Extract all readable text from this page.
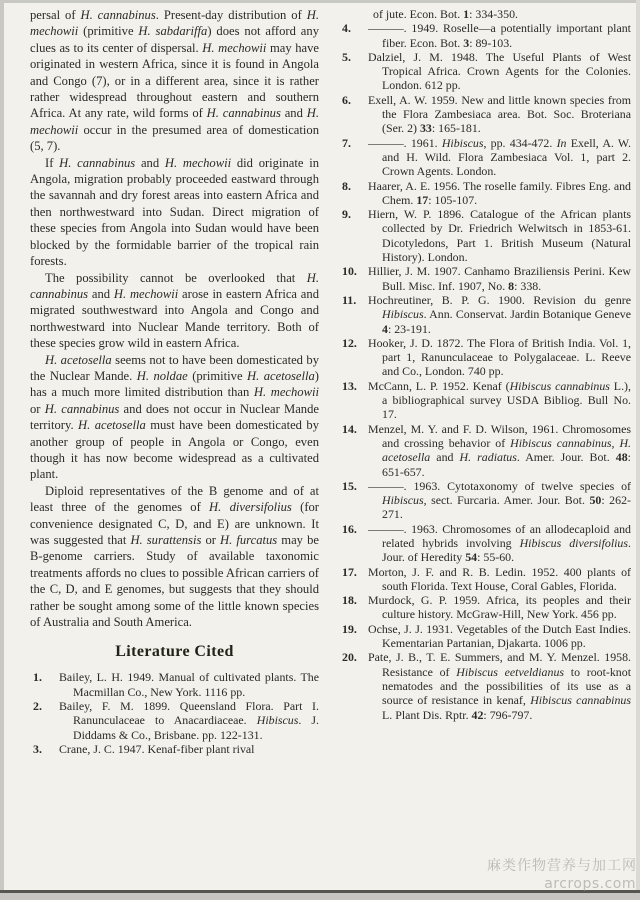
persal of H. cannabinus. Present-day distribution of H. mechowii (primitive H. sabdariffa) does not afford any clues as to its center of dispersal. H. mechowii may have originated in western Africa, since it is found in Angola and Congo (7), or in a different area, since it is rather rather widespread throughout eastern and southern Africa. At any rate, wild forms of H. cannabinus and H. mechowii occur in the presumed area of domestication (5, 7).

If H. cannabinus and H. mechowii did originate in Angola, migration probably proceeded eastward through the savannah and dry forest areas into eastern Africa and then northwestward into Sudan. Direct migration of these species from Angola into Sudan would have been blocked by the formidable barrier of the tropical rain forests.

The possibility cannot be overlooked that H. cannabinus and H. mechowii arose in eastern Africa and migrated southwestward into Angola and Congo and northwestward into Nuclear Mande territory. Both of these species grow wild in eastern Africa.

H. acetosella seems not to have been domesticated by the Nuclear Mande. H. noldae (primitive H. acetosella) has a much more limited distribution than H. mechowii or H. cannabinus and does not occur in Nuclear Mande territory. H. acetosella must have been domesticated by another group of people in Angola or Congo, even though it has now become widespread as a cultivated plant.

Diploid representatives of the B genome and of at least three of the genomes of H. diversifolius (for convenience designated C, D, and E) are unknown. It was suggested that H. surattensis or H. furcatus may be B-genome carriers. Study of available taxonomic treatments affords no clues to possible African carriers of the C, D, and E genomes, but suggests that they should rather be sought among some of the little known species of Australia and South America.

Literature Cited
1. Bailey, L. H. 1949. Manual of cultivated plants. The Macmillan Co., New York. 1116 pp.
2. Bailey, F. M. 1899. Queensland Flora. Part I. Ranunculaceae to Anacardiaceae. Hibiscus. J. Diddams & Co., Brisbane. pp. 122-131.
3. Crane, J. C. 1947. Kenaf-fiber plant rival
of jute. Econ. Bot. 1: 334-350.
4. ———. 1949. Roselle—a potentially important plant fiber. Econ. Bot. 3: 89-103.
5. Dalziel, J. M. 1948. The Useful Plants of West Tropical Africa. Crown Agents for the Colonies. London. 612 pp.
6. Exell, A. W. 1959. New and little known species from the Flora Zambesiaca area. Bot. Soc. Broteriana (Ser. 2) 33: 165-181.
7. ———. 1961. Hibiscus, pp. 434-472. In Exell, A. W. and H. Wild. Flora Zambesiaca Vol. 1, part 2. Crown Agents. London.
8. Haarer, A. E. 1956. The roselle family. Fibres Eng. and Chem. 17: 105-107.
9. Hiern, W. P. 1896. Catalogue of the African plants collected by Dr. Friedrich Welwitsch in 1853-61. Dicotyledons, Part 1. British Museum (Natural History). London.
10. Hillier, J. M. 1907. Canhamo Braziliensis Perini. Kew Bull. Misc. Inf. 1907, No. 8: 338.
11. Hochreutiner, B. P. G. 1900. Revision du genre Hibiscus. Ann. Conservat. Jardin Botanique Geneve 4: 23-191.
12. Hooker, J. D. 1872. The Flora of British India. Vol. 1, part 1, Ranunculaceae to Polygalaceae. L. Reeve and Co., London. 740 pp.
13. McCann, L. P. 1952. Kenaf (Hibiscus cannabinus L.), a bibliographical survey USDA Bibliog. Bull No. 17.
14. Menzel, M. Y. and F. D. Wilson, 1961. Chromosomes and crossing behavior of Hibiscus cannabinus, H. acetosella and H. radiatus. Amer. Jour. Bot. 48: 651-657.
15. ———. 1963. Cytotaxonomy of twelve species of Hibiscus, sect. Furcaria. Amer. Jour. Bot. 50: 262-271.
16. ———. 1963. Chromosomes of an allodecaploid and related hybrids involving Hibiscus diversifolius. Jour. of Heredity 54: 55-60.
17. Morton, J. F. and R. B. Ledin. 1952. 400 plants of south Florida. Text House, Coral Gables, Florida.
18. Murdock, G. P. 1959. Africa, its peoples and their culture history. McGraw-Hill, New York. 456 pp.
19. Ochse, J. J. 1931. Vegetables of the Dutch East Indies. Kementarian Partanian, Djakarta. 1006 pp.
20. Pate, J. B., T. E. Summers, and M. Y. Menzel. 1958. Resistance of Hibiscus eetveldianus to root-knot nematodes and the possibilities of its use as a source of resistance in kenaf, Hibiscus cannabinus L. Plant Dis. Rptr. 42: 796-797.
麻类作物营养与加工网
arcrops.com
